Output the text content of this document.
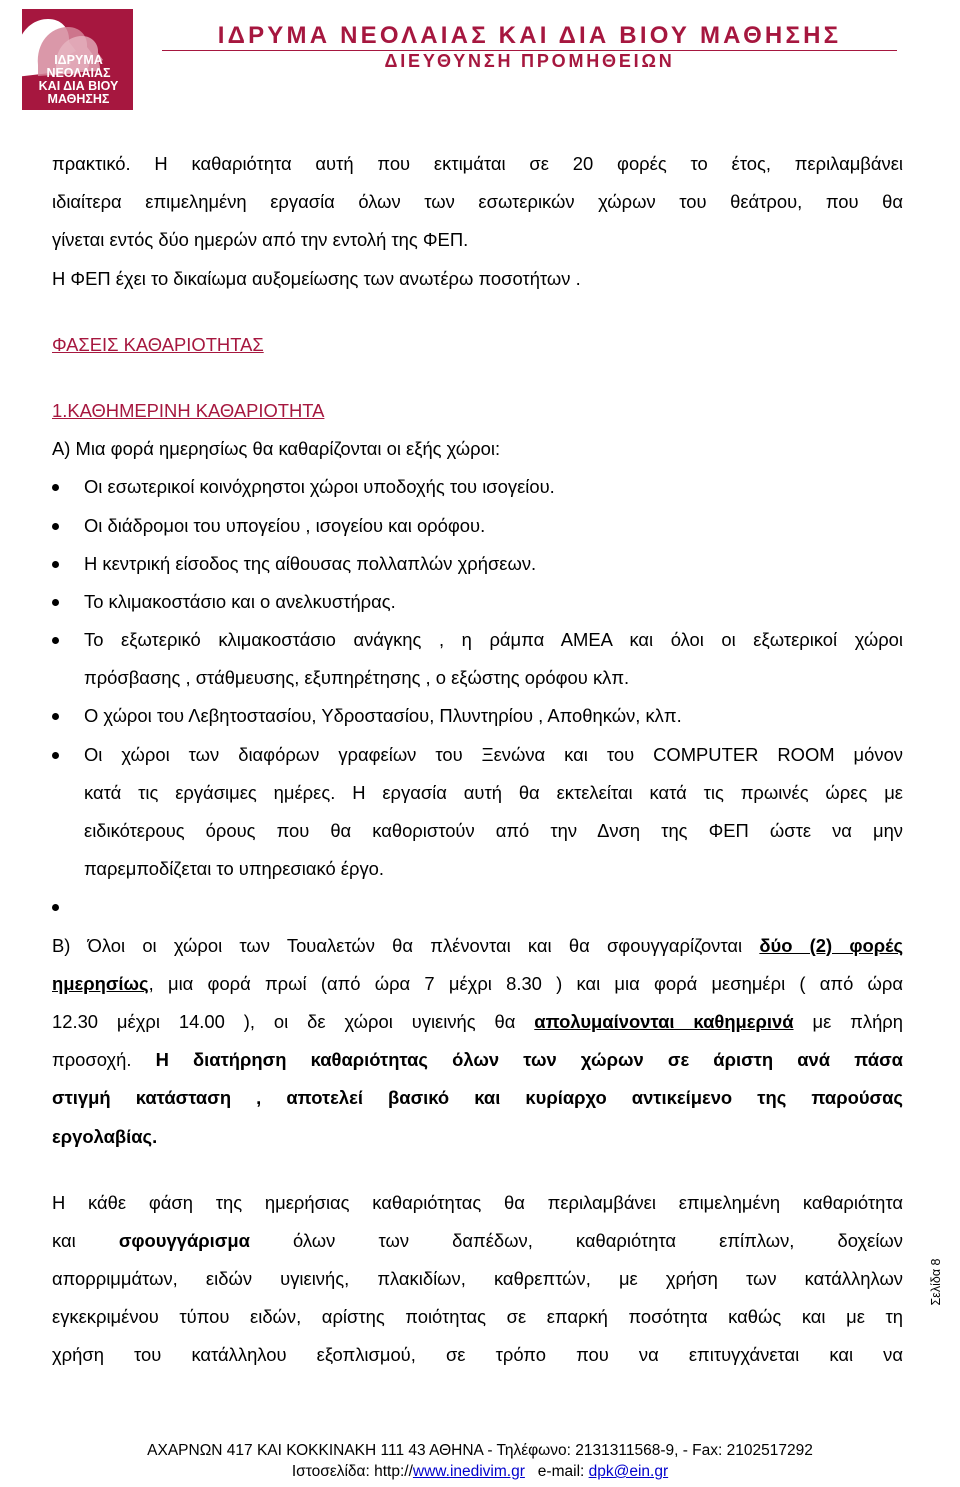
ΙΔΡΥΜΑ
ΝΕΟΛΑΙΑΣ
ΚΑΙ ΔΙΑ ΒΙΟΥ
ΜΑΘΗΣΗΣ
ΙΔΡΥΜΑ ΝΕΟΛΑΙΑΣ ΚΑΙ ΔΙΑ ΒΙΟΥ ΜΑΘΗΣΗΣ
ΔΙΕΥΘΥΝΣΗ ΠΡΟΜΗΘΕΙΩΝ
πρακτικό. Η καθαριότητα αυτή που εκτιμάται σε 20 φορές το έτος, περιλαμβάνει
ιδιαίτερα επιμελημένη εργασία όλων των εσωτερικών χώρων του θεάτρου, που θα
γίνεται εντός δύο ημερών από την εντολή της ΦΕΠ.
Η ΦΕΠ έχει το δικαίωμα αυξομείωσης των ανωτέρω ποσοτήτων .
ΦΑΣΕΙΣ ΚΑΘΑΡΙΟΤΗΤΑΣ
1.ΚΑΘΗΜΕΡΙΝΗ ΚΑΘΑΡΙΟΤΗΤΑ
Α) Μια φορά ημερησίως θα καθαρίζονται οι εξής χώροι:
Οι εσωτερικοί κοινόχρηστοι χώροι υποδοχής του ισογείου.
Οι διάδρομοι του υπογείου , ισογείου και ορόφου.
Η κεντρική είσοδος της αίθουσας πολλαπλών χρήσεων.
Το κλιμακοστάσιο και ο ανελκυστήρας.
Το εξωτερικό κλιμακοστάσιο ανάγκης , η ράμπα ΑΜΕΑ και όλοι οι εξωτερικοί χώροι
πρόσβασης , στάθμευσης, εξυπηρέτησης , ο εξώστης ορόφου κλπ.
Ο χώροι του Λεβητοστασίου, Υδροστασίου, Πλυντηρίου , Αποθηκών, κλπ.
Οι χώροι των διαφόρων γραφείων του Ξενώνα και του COMPUTER ROOM μόνον
κατά τις εργάσιμες ημέρες. Η εργασία αυτή θα εκτελείται κατά τις πρωινές ώρες με
ειδικότερους όρους που θα καθοριστούν από την Δνση της ΦΕΠ ώστε να μην
παρεμποδίζεται το υπηρεσιακό έργο.
Β) Όλοι οι χώροι των Τουαλετών θα πλένονται και θα σφουγγαρίζονται δύο (2) φορές
ημερησίως, μια φορά πρωί (από ώρα 7 μέχρι 8.30 ) και μια φορά μεσημέρι ( από ώρα
12.30 μέχρι 14.00 ), οι δε χώροι υγιεινής θα απολυμαίνονται καθημερινά με πλήρη
προσοχή. Η διατήρηση καθαριότητας όλων των χώρων σε άριστη ανά πάσα
στιγμή κατάσταση , αποτελεί βασικό και κυρίαρχο αντικείμενο της παρούσας
εργολαβίας.
Η κάθε φάση της ημερήσιας καθαριότητας θα περιλαμβάνει επιμελημένη καθαριότητα
και σφουγγάρισμα όλων των δαπέδων, καθαριότητα επίπλων, δοχείων
απορριμμάτων, ειδών υγιεινής, πλακιδίων, καθρεπτών, με χρήση των κατάλληλων
εγκεκριμένου τύπου ειδών, αρίστης ποιότητας σε επαρκή ποσότητα καθώς και με τη
χρήση του κατάλληλου εξοπλισμού, σε τρόπο που να επιτυγχάνεται και να
Σελίδα 8
ΑΧΑΡΝΩΝ 417 ΚΑΙ ΚΟΚΚΙΝΑΚΗ 111 43 ΑΘΗΝΑ - Τηλέφωνο: 2131311568-9, - Fax: 2102517292
Ιστοσελίδα: http://www.inedivim.gr   e-mail: dpk@ein.gr
